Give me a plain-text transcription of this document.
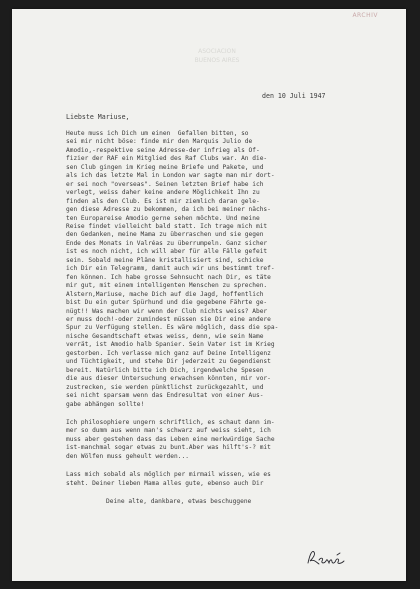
ARCHIV
ASOCIACION
BUENOS AIRES
den 10 Juli 1947
Liebste Mariuse,
Heute muss ich Dich um einen  Gefallen bitten, so
sei mir nicht böse: finde mir den Marquis Julio de
Amodio,-respektive seine Adresse-der infrieg als Of-
fizier der RAF ein Mitglied des Raf Clubs war. An die-
sen Club gingen im Krieg meine Briefe und Pakete, und
als ich das letzte Mal in London war sagte man mir dort-
er sei noch "overseas". Seinen letzten Brief habe ich
verlegt, weiss daher keine andere Möglichkeit Ihn zu
finden als den Club. Es ist mir ziemlich daran gele-
gen diese Adresse zu bekommen, da ich bei meiner nächs-
ten Europareise Amodio gerne sehen möchte. Und meine
Reise findet vielleicht bald statt. Ich trage mich mit
den Gedanken, meine Mama zu überraschen und sie gegen
Ende des Monats in Valréas zu überrumpeln. Ganz sicher
ist es noch nicht, ich will aber für alle Fälle gefeit
sein. Sobald meine Pläne kristallisiert sind, schicke
ich Dir ein Telegramm, damit auch wir uns bestimmt tref-
fen können. Ich habe grosse Sehnsucht nach Dir, es täte
mir gut, mit einem intelligenten Menschen zu sprechen.
Alstern,Mariuse, mache Dich auf die Jagd, hoffentlich
bist Du ein guter Spürhund und die gegebene Fährte ge-
nügt!! Was machen wir wenn der Club nichts weiss? Aber
er muss doch!-oder zumindest müssen sie Dir eine andere
Spur zu Verfügung stellen. Es wäre möglich, dass die spa-
nische Gesandtschaft etwas weiss, denn, wie sein Name
verrät, ist Amodio halb Spanier. Sein Vater ist im Krieg
gestorben. Ich verlasse mich ganz auf Deine Intelligenz
und Tüchtigkeit, und stehe Dir jederzeit zu Gegendienst
bereit. Natürlich bitte ich Dich, irgendwelche Spesen
die aus dieser Untersuchung erwachsen könnten, mir vor-
zustrecken, sie werden pünktlichst zurückgezahlt, und
sei nicht sparsam wenn das Endresultat von einer Aus-
gabe abhängen sollte!
Ich philosophiere ungern schriftlich, es schaut dann im-
mer so dumm aus wenn man's schwarz auf weiss sieht, ich
muss aber gestehen dass das Leben eine merkwürdige Sache
ist-manchmal sogar etwas zu bunt.Aber was hilft's-? mit
den Wölfen muss geheult werden...
Lass mich sobald als möglich per mirmail wissen, wie es
steht. Deiner lieben Mama alles gute, ebenso auch Dir
Deine alte, dankbare, etwas beschuggene
